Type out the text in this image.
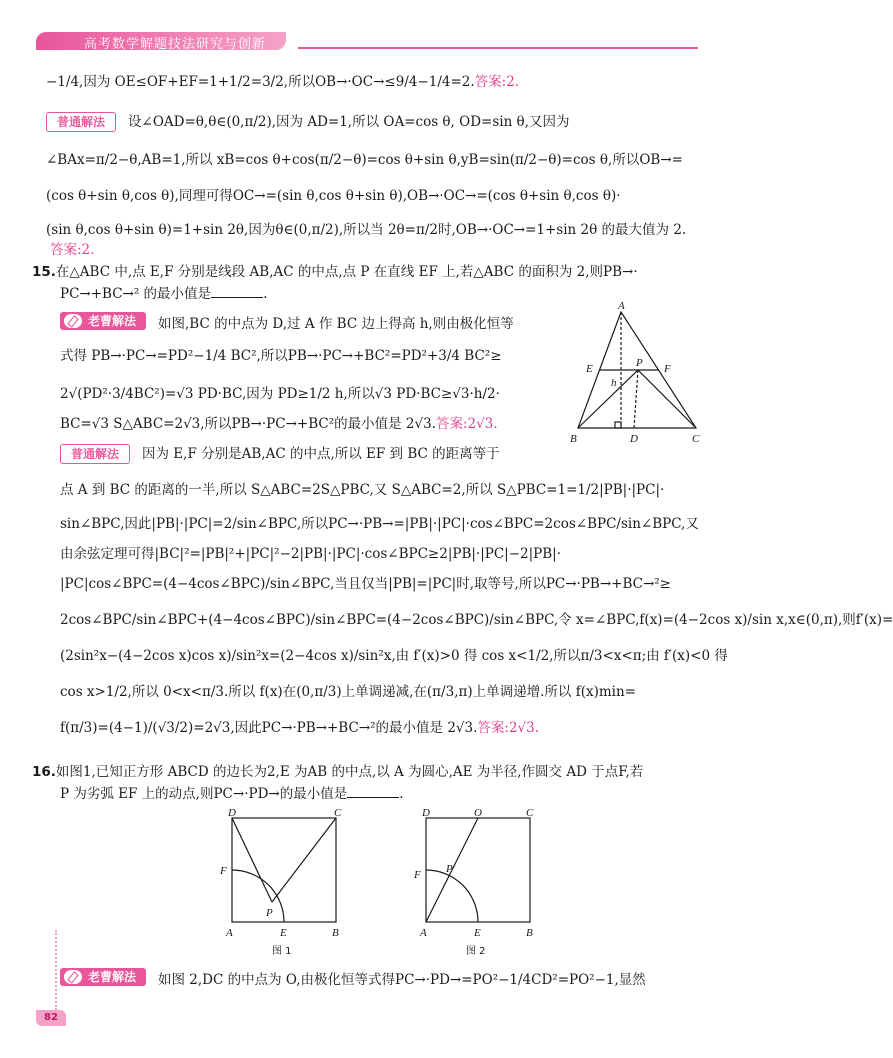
高考数学解题技法研究与创新
−1/4,因为 OE≤OF+EF=1+1/2=3/2,所以OB→·OC→≤9/4−1/4=2.答案:2.
普通解法 设∠OAD=θ,θ∈(0,π/2),因为 AD=1,所以 OA=cos θ, OD=sin θ,又因为
∠BAx=π/2−θ,AB=1,所以 xB=cos θ+cos(π/2−θ)=cos θ+sin θ,yB=sin(π/2−θ)=cos θ,所以OB→=
(cos θ+sin θ,cos θ),同理可得OC→=(sin θ,cos θ+sin θ),OB→·OC→=(cos θ+sin θ,cos θ)·
(sin θ,cos θ+sin θ)=1+sin 2θ,因为θ∈(0,π/2),所以当 2θ=π/2时,OB→·OC→=1+sin 2θ 的最大值为 2.
答案:2.
15.在△ABC 中,点 E,F 分别是线段 AB,AC 的中点,点 P 在直线 EF 上,若△ABC 的面积为 2,则PB→·
PC→+BC→² 的最小值是	.
老曹解法 如图,BC 的中点为 D,过 A 作 BC 边上得高 h,则由极化恒等
式得 PB→·PC→=PD²−1/4 BC²,所以PB→·PC→+BC²=PD²+3/4 BC²≥
2√(PD²·3/4BC²)=√3 PD·BC,因为 PD≥1/2 h,所以√3 PD·BC≥√3·h/2·
BC=√3 S△ABC=2√3,所以PB→·PC→+BC²的最小值是 2√3.答案:2√3.
普通解法 因为 E,F 分别是AB,AC 的中点,所以 EF 到 BC 的距离等于
点 A 到 BC 的距离的一半,所以 S△ABC=2S△PBC,又 S△ABC=2,所以 S△PBC=1=1/2|PB|·|PC|·
sin∠BPC,因此|PB|·|PC|=2/sin∠BPC,所以PC→·PB→=|PB|·|PC|·cos∠BPC=2cos∠BPC/sin∠BPC,又
由余弦定理可得|BC|²=|PB|²+|PC|²−2|PB|·|PC|·cos∠BPC≥2|PB|·|PC|−2|PB|·
|PC|cos∠BPC=(4−4cos∠BPC)/sin∠BPC,当且仅当|PB|=|PC|时,取等号,所以PC→·PB→+BC→²≥
2cos∠BPC/sin∠BPC+(4−4cos∠BPC)/sin∠BPC=(4−2cos∠BPC)/sin∠BPC,令 x=∠BPC,f(x)=(4−2cos x)/sin x,x∈(0,π),则f′(x)=
(2sin²x−(4−2cos x)cos x)/sin²x=(2−4cos x)/sin²x,由 f′(x)>0 得 cos x<1/2,所以π/3<x<π;由 f′(x)<0 得
cos x>1/2,所以 0<x<π/3.所以 f(x)在(0,π/3)上单调递减,在(π/3,π)上单调递增.所以 f(x)min=
f(π/3)=(4−1)/(√3/2)=2√3,因此PC→·PB→+BC→²的最小值是 2√3.答案:2√3.
16.如图1,已知正方形 ABCD 的边长为2,E 为AB 的中点,以 A 为圆心,AE 为半径,作圆交 AD 于点F,若
P 为劣弧 EF 上的动点,则PC→·PD→的最小值是	.
老曹解法 如图 2,DC 的中点为 O,由极化恒等式得PC→·PD→=PO²−1/4CD²=PO²−1,显然
A
E	P F
h
B	D	C
D	C
F
P
A	E	B
图 1
D	O	C
F P
A	E	B
图 2
82
